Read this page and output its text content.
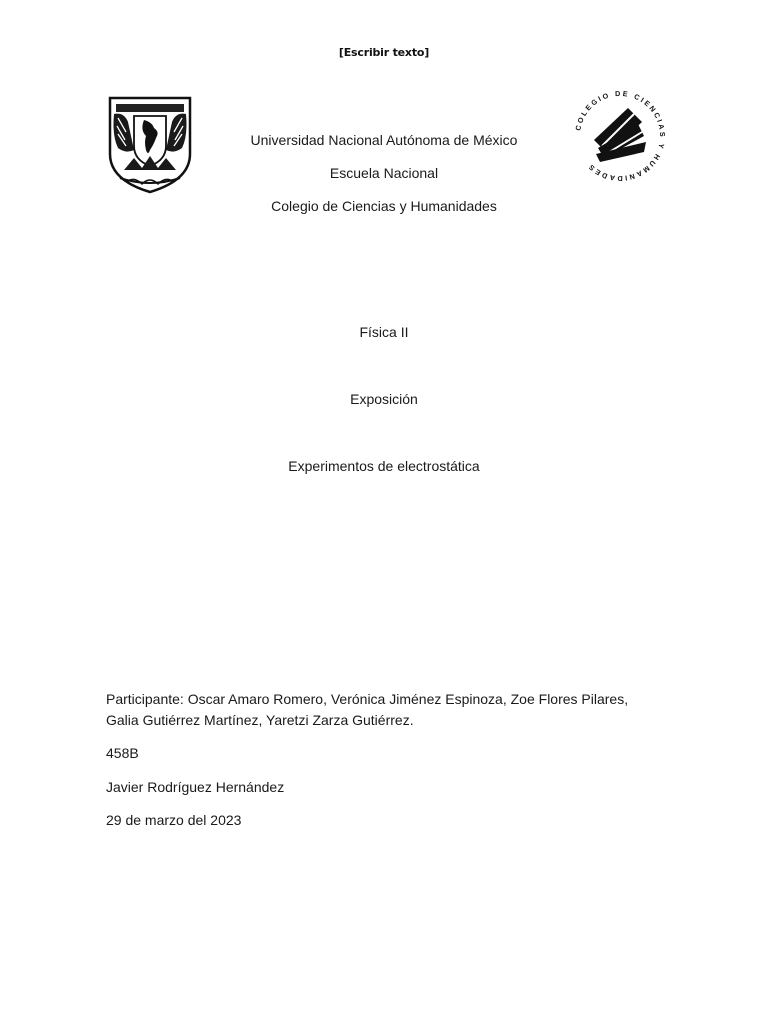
[Escribir texto]
COLEGIO DE CIENCIAS Y HUMANIDADES
Universidad Nacional Autónoma de México
Escuela Nacional
Colegio de Ciencias y Humanidades
Física II
Exposición
Experimentos de electrostática
Participante: Oscar Amaro Romero, Verónica Jiménez Espinoza, Zoe Flores Pilares, Galia Gutiérrez Martínez, Yaretzi Zarza Gutiérrez.
458B
Javier Rodríguez Hernández
29 de marzo del 2023
